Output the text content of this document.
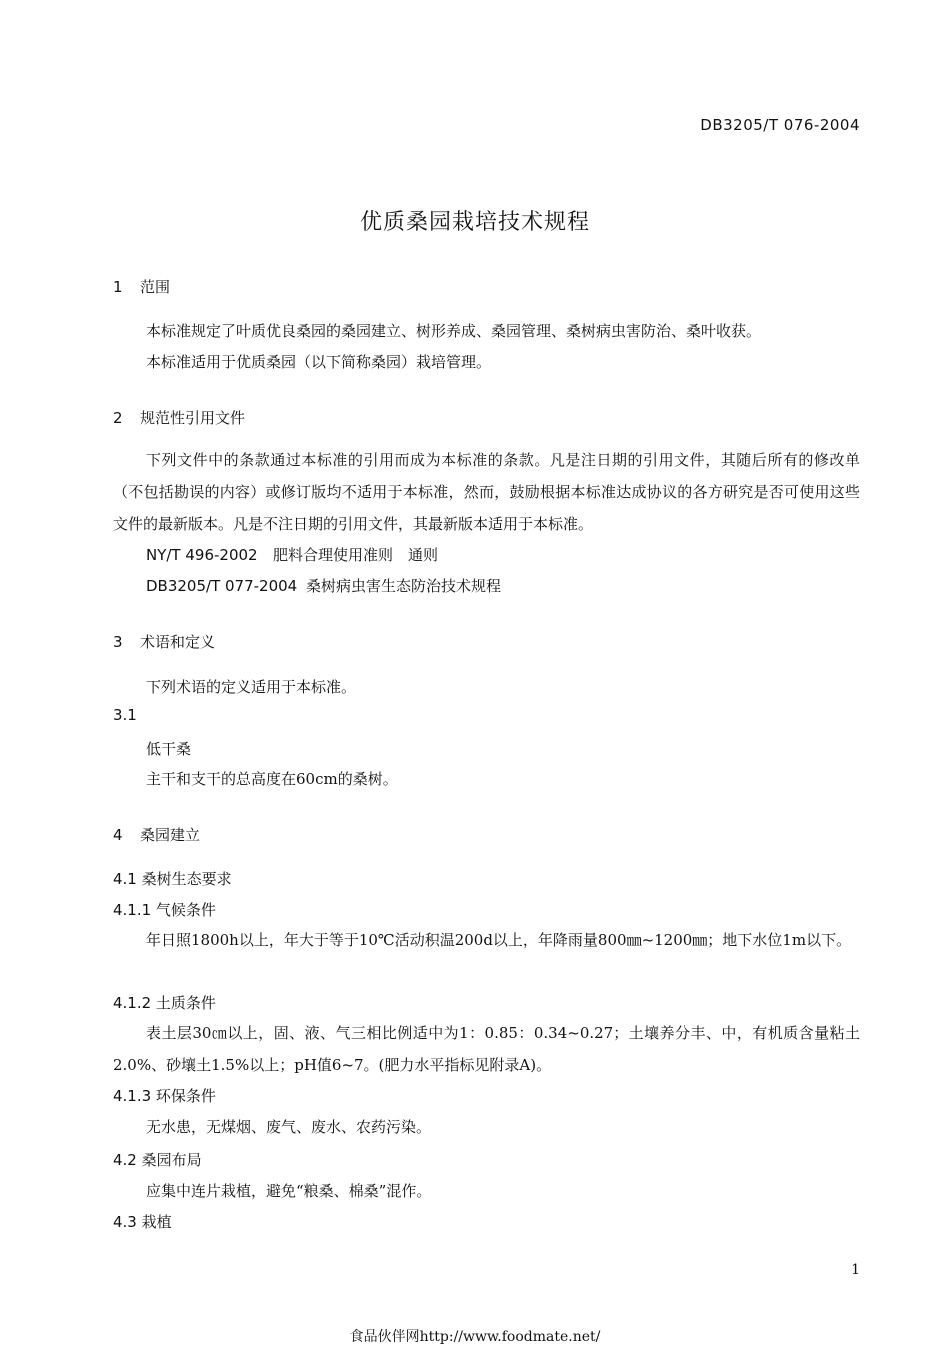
DB3205/T 076-2004
优质桑园栽培技术规程
1 范围
本标准规定了叶质优良桑园的桑园建立、树形养成、桑园管理、桑树病虫害防治、桑叶收获。
本标准适用于优质桑园（以下简称桑园）栽培管理。
2 规范性引用文件
下列文件中的条款通过本标准的引用而成为本标准的条款。凡是注日期的引用文件，其随后所有的修改单（不包括勘误的内容）或修订版均不适用于本标准，然而，鼓励根据本标准达成协议的各方研究是否可使用这些文件的最新版本。凡是不注日期的引用文件，其最新版本适用于本标准。
NY/T 496-2002 肥料合理使用准则　通则
DB3205/T 077-2004 桑树病虫害生态防治技术规程
3 术语和定义
下列术语的定义适用于本标准。
3.1
低干桑
主干和支干的总高度在60cm的桑树。
4 桑园建立
4.1 桑树生态要求
4.1.1 气候条件
年日照1800h以上，年大于等于10℃活动积温200d以上，年降雨量800㎜~1200㎜；地下水位1m以下。
4.1.2 土质条件
表土层30㎝以上，固、液、气三相比例适中为1：0.85：0.34~0.27；土壤养分丰、中，有机质含量粘土2.0%、砂壤土1.5%以上；pH值6~7。(肥力水平指标见附录A)。
4.1.3 环保条件
无水患，无煤烟、废气、废水、农药污染。
4.2 桑园布局
应集中连片栽植，避免“粮桑、棉桑”混作。
4.3 栽植
1
食品伙伴网http://www.foodmate.net/
